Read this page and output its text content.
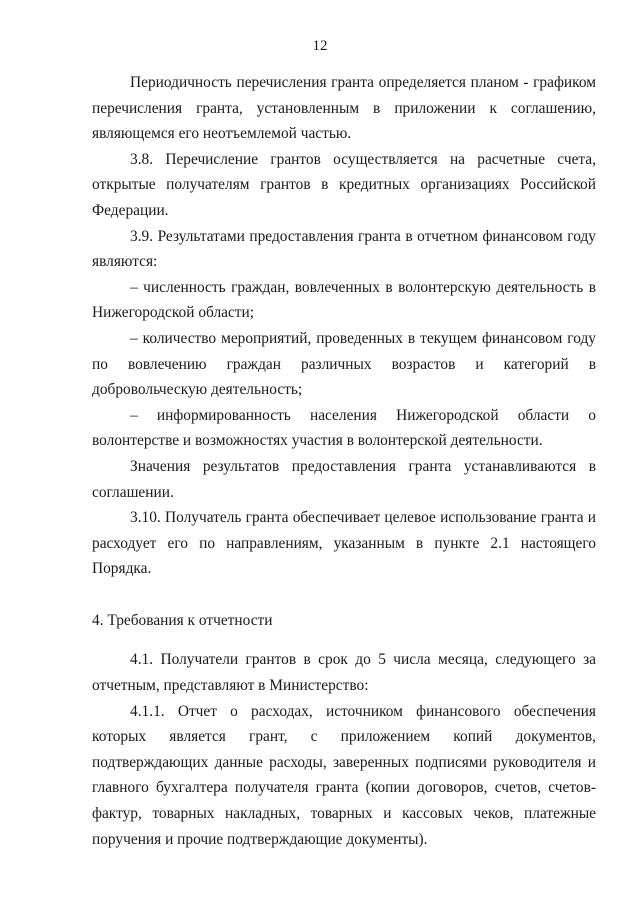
12

Периодичность перечисления гранта определяется планом - графиком перечисления гранта, установленным в приложении к соглашению, являющемся его неотъемлемой частью.

3.8. Перечисление грантов осуществляется на расчетные счета, открытые получателям грантов в кредитных организациях Российской Федерации.

3.9. Результатами предоставления гранта в отчетном финансовом году являются:

– численность граждан, вовлеченных в волонтерскую деятельность в Нижегородской области;

– количество мероприятий, проведенных в текущем финансовом году по вовлечению граждан различных возрастов и категорий в добровольческую деятельность;

– информированность населения Нижегородской области о волонтерстве и возможностях участия в волонтерской деятельности.

Значения результатов предоставления гранта устанавливаются в соглашении.

3.10. Получатель гранта обеспечивает целевое использование гранта и расходует его по направлениям, указанным в пункте 2.1 настоящего Порядка.

4. Требования к отчетности

4.1. Получатели грантов в срок до 5 числа месяца, следующего за отчетным, представляют в Министерство:

4.1.1. Отчет о расходах, источником финансового обеспечения которых является грант, с приложением копий документов, подтверждающих данные расходы, заверенных подписями руководителя и главного бухгалтера получателя гранта (копии договоров, счетов, счетов-фактур, товарных накладных, товарных и кассовых чеков, платежные поручения и прочие подтверждающие документы).
